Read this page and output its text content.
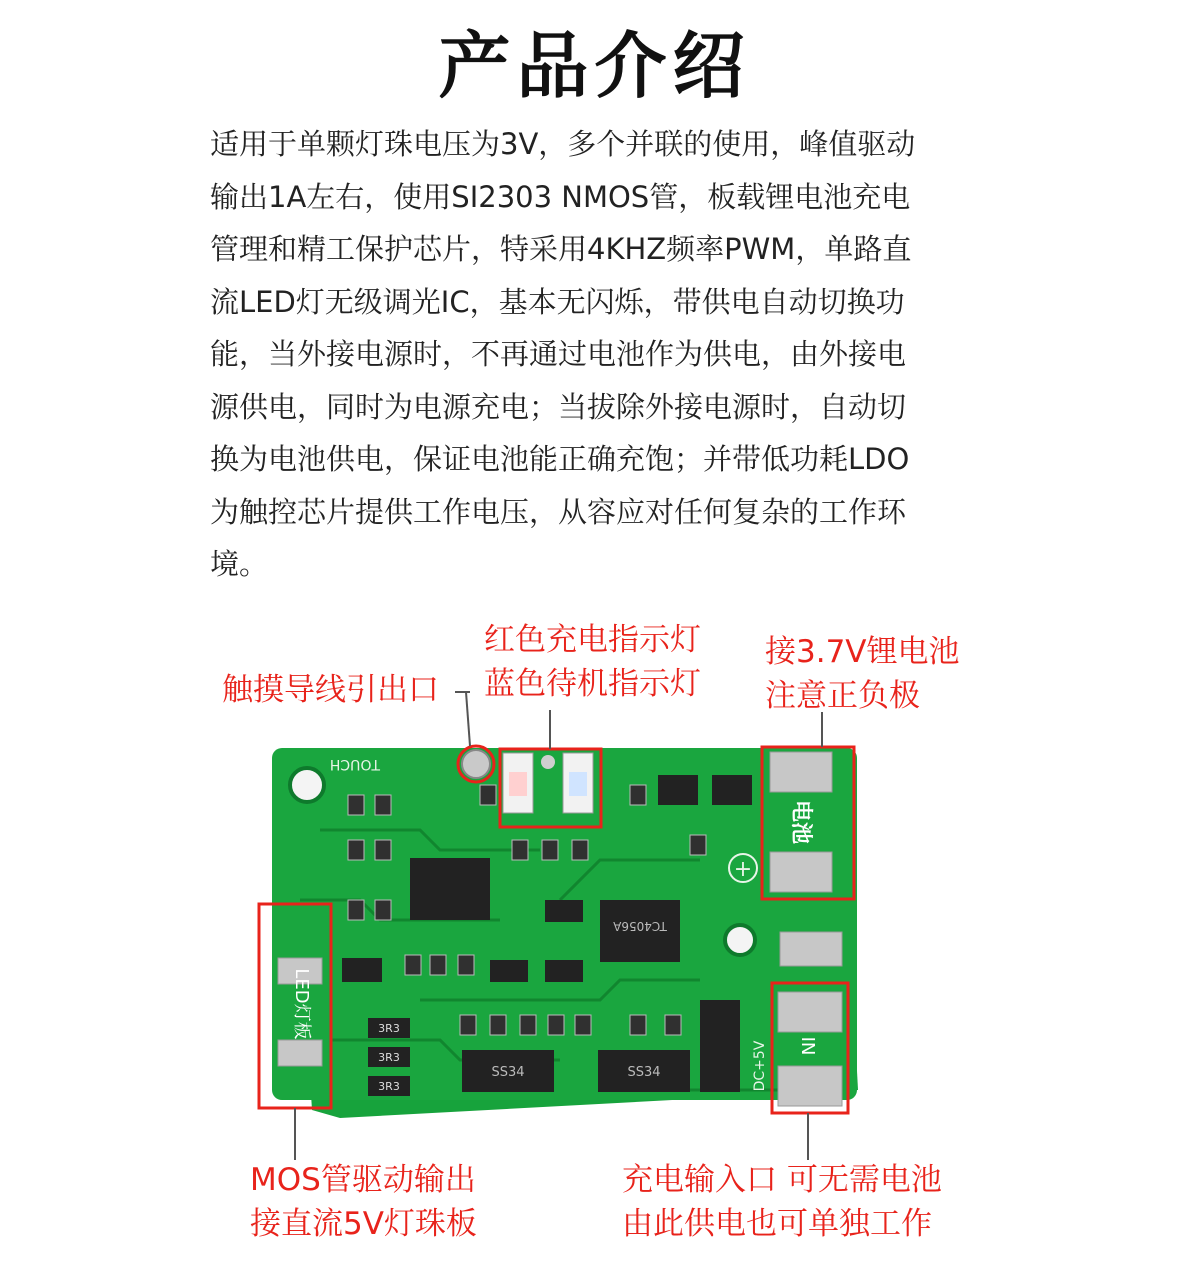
产品介绍
适用于单颗灯珠电压为3V，多个并联的使用，峰值驱动
输出1A左右，使用SI2303 NMOS管，板载锂电池充电
管理和精工保护芯片，特采用4KHZ频率PWM，单路直
流LED灯无级调光IC，基本无闪烁，带供电自动切换功
能，当外接电源时，不再通过电池作为供电，由外接电
源供电，同时为电源充电；当拔除外接电源时，自动切
换为电池供电，保证电池能正确充饱；并带低功耗LDO
为触控芯片提供工作电压，从容应对任何复杂的工作环
境。
触摸导线引出口
红色充电指示灯
蓝色待机指示灯
接3.7V锂电池
注意正负极
MOS管驱动输出
接直流5V灯珠板
充电输入口 可无需电池
由此供电也可单独工作
TOUCH
电池
+
TC4056A
SS34	SS34
3R3
3R3
3R3
LED灯板
IN
DC+5V
